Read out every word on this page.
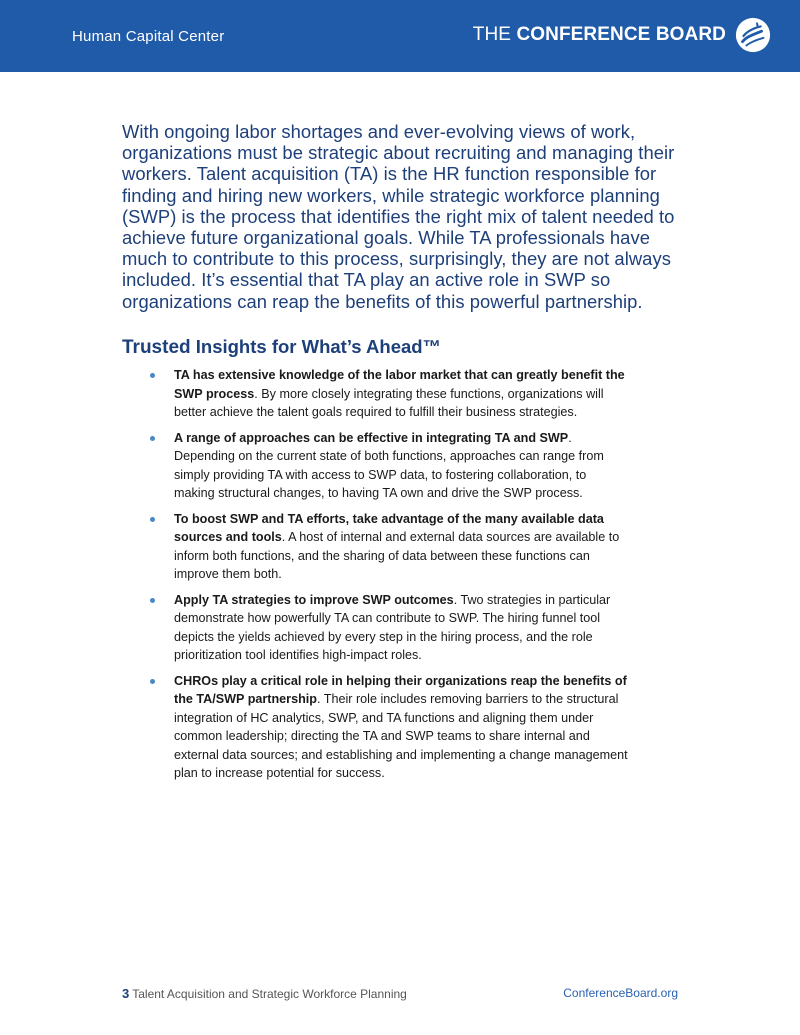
Human Capital Center	THE CONFERENCE BOARD

With ongoing labor shortages and ever-evolving views of work, organizations must be strategic about recruiting and managing their workers. Talent acquisition (TA) is the HR function responsible for finding and hiring new workers, while strategic workforce planning (SWP) is the process that identifies the right mix of talent needed to achieve future organizational goals. While TA professionals have much to contribute to this process, surprisingly, they are not always included. It’s essential that TA play an active role in SWP so organizations can reap the benefits of this powerful partnership.

Trusted Insights for What’s Ahead™
TA has extensive knowledge of the labor market that can greatly benefit the SWP process. By more closely integrating these functions, organizations will better achieve the talent goals required to fulfill their business strategies.
A range of approaches can be effective in integrating TA and SWP. Depending on the current state of both functions, approaches can range from simply providing TA with access to SWP data, to fostering collaboration, to making structural changes, to having TA own and drive the SWP process.
To boost SWP and TA efforts, take advantage of the many available data sources and tools. A host of internal and external data sources are available to inform both functions, and the sharing of data between these functions can improve them both.
Apply TA strategies to improve SWP outcomes. Two strategies in particular demonstrate how powerfully TA can contribute to SWP. The hiring funnel tool depicts the yields achieved by every step in the hiring process, and the role prioritization tool identifies high-impact roles.
CHROs play a critical role in helping their organizations reap the benefits of the TA/SWP partnership. Their role includes removing barriers to the structural integration of HC analytics, SWP, and TA functions and aligning them under common leadership; directing the TA and SWP teams to share internal and external data sources; and establishing and implementing a change management plan to increase potential for success.
3 Talent Acquisition and Strategic Workforce Planning	ConferenceBoard.org
